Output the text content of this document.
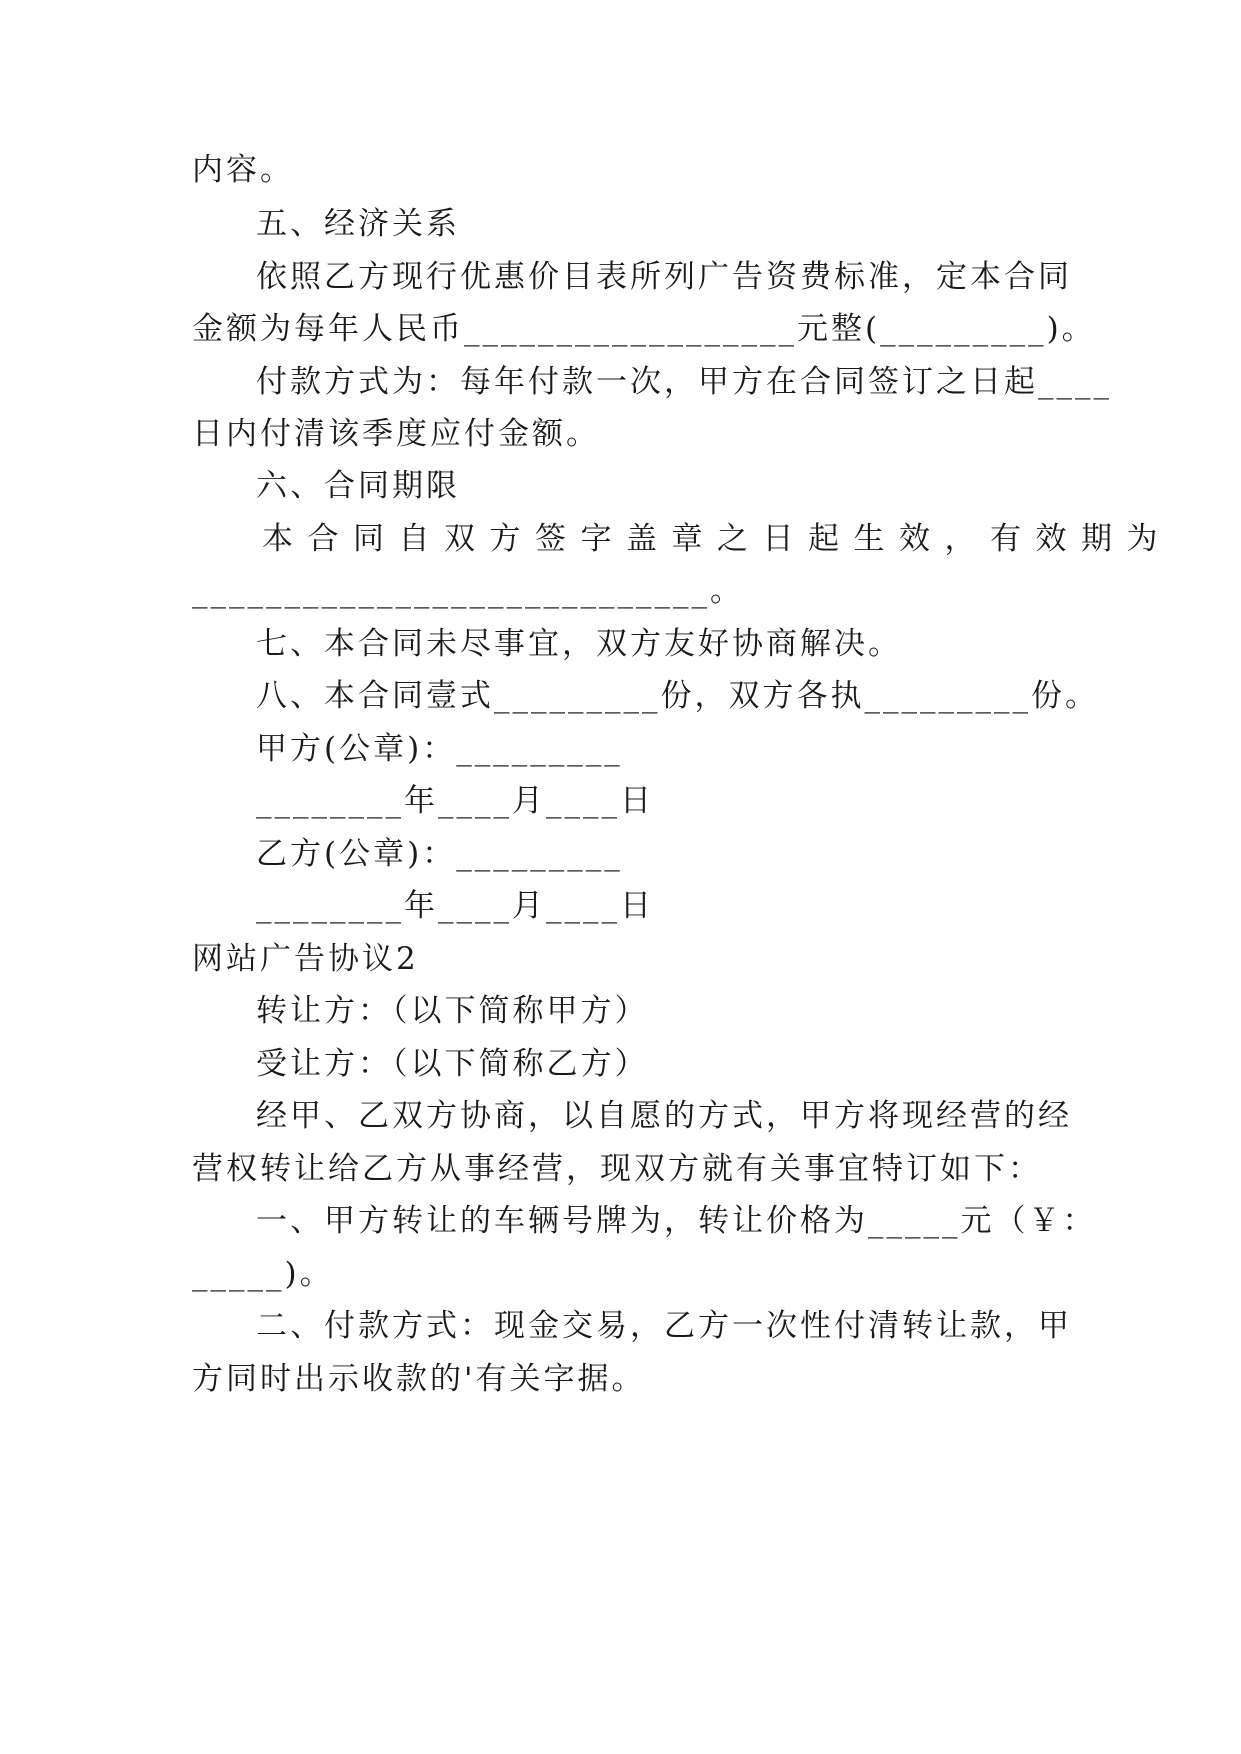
内容。
五、经济关系
依照乙方现行优惠价目表所列广告资费标准，定本合同
金额为每年人民币__________________元整(_________)。
付款方式为：每年付款一次，甲方在合同签订之日起____
日内付清该季度应付金额。
六、合同期限
本合同自双方签字盖章之日起生效，有效期为
____________________________。
七、本合同未尽事宜，双方友好协商解决。
八、本合同壹式_________份，双方各执_________份。
甲方(公章)：_________
________年____月____日
乙方(公章)：_________
________年____月____日
网站广告协议2
转让方：（以下简称甲方）
受让方：（以下简称乙方）
经甲、乙双方协商，以自愿的方式，甲方将现经营的经
营权转让给乙方从事经营，现双方就有关事宜特订如下：
一、甲方转让的车辆号牌为，转让价格为_____元（￥：
_____)。
二、付款方式：现金交易，乙方一次性付清转让款，甲
方同时出示收款的'有关字据。
